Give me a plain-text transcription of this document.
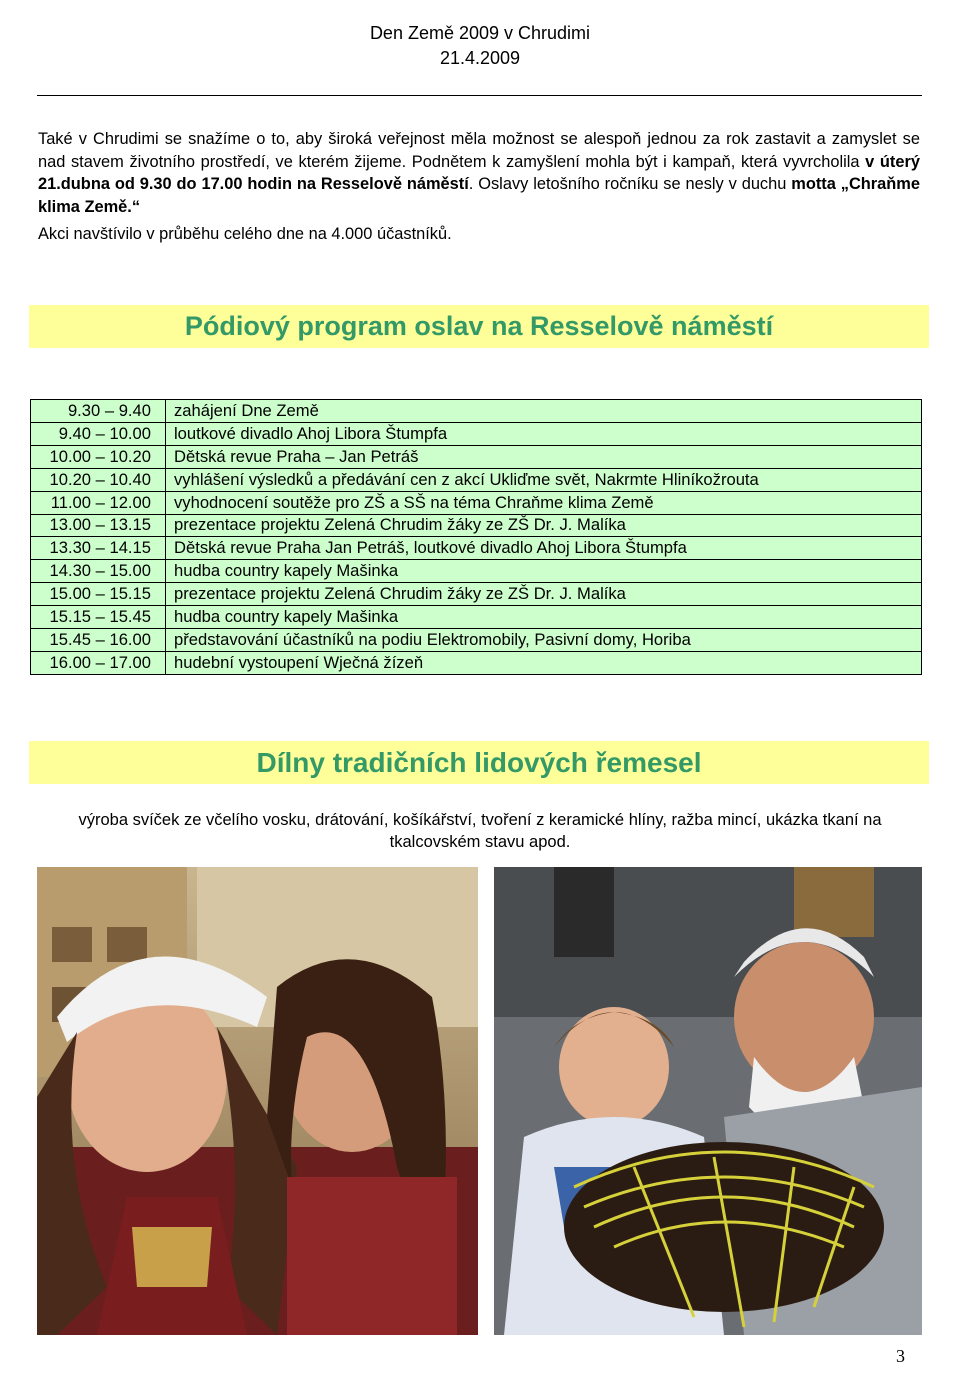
Den Země 2009 v Chrudimi
21.4.2009

Také v Chrudimi se snažíme o to, aby široká veřejnost měla možnost se alespoň jednou za rok zastavit a zamyslet se nad stavem životního prostředí, ve kterém žijeme. Podnětem k zamyšlení mohla být i kampaň, která vyvrcholila v úterý 21.dubna od 9.30 do 17.00 hodin na Resselově náměstí. Oslavy letošního ročníku se nesly v duchu motta „Chraňme klima Země.“

Akci navštívilo v průběhu celého dne na 4.000 účastníků.

Pódiový program oslav na Resselově náměstí
9.30 – 9.40	zahájení Dne Země
9.40 – 10.00	loutkové divadlo Ahoj Libora Štumpfa
10.00 – 10.20	Dětská revue Praha – Jan Petráš
10.20 – 10.40	vyhlášení výsledků a předávání cen z akcí Ukliďme svět, Nakrmte Hliníkožrouta
11.00 – 12.00	vyhodnocení soutěže pro ZŠ a SŠ na téma Chraňme klima Země
13.00 – 13.15	prezentace projektu Zelená Chrudim žáky ze ZŠ Dr. J. Malíka
13.30 – 14.15	Dětská revue Praha Jan Petráš, loutkové divadlo Ahoj Libora Štumpfa
14.30 – 15.00	hudba country kapely Mašinka
15.00 – 15.15	prezentace projektu Zelená Chrudim žáky ze ZŠ Dr. J. Malíka
15.15 – 15.45	hudba country kapely Mašinka
15.45 – 16.00	představování účastníků na podiu Elektromobily, Pasivní domy, Horiba
16.00 – 17.00	hudební vystoupení Wječná žízeň
Dílny tradičních lidových řemesel
výroba svíček ze včelího vosku, drátování, košíkářství, tvoření z keramické hlíny, ražba mincí, ukázka tkaní na tkalcovském stavu apod.
3
